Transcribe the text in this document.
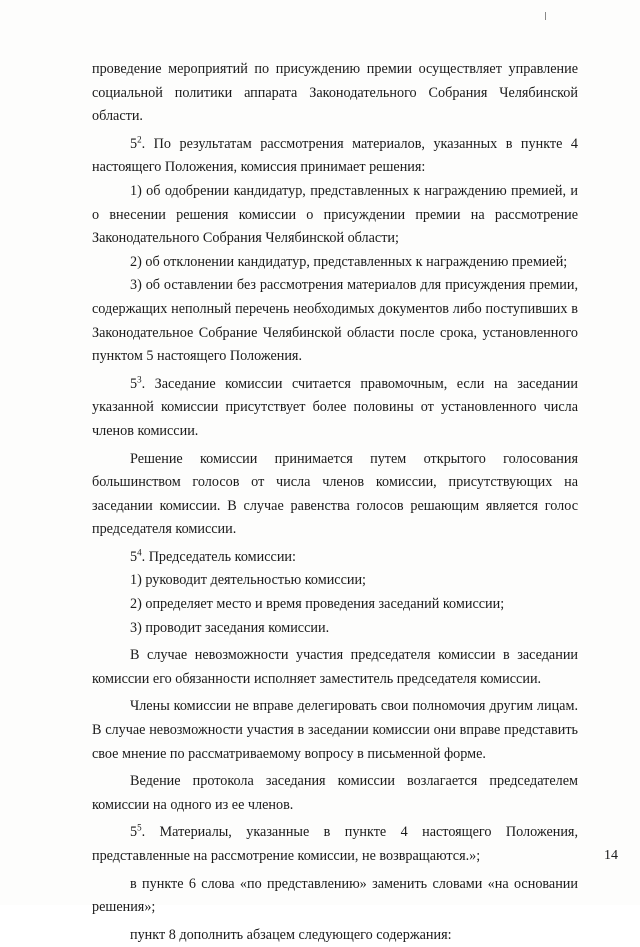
проведение мероприятий по присуждению премии осуществляет управление социальной политики аппарата Законодательного Собрания Челябинской области.

$5^2$. По результатам рассмотрения материалов, указанных в пункте 4 настоящего Положения, комиссия принимает решения:

1) об одобрении кандидатур, представленных к награждению премией, и о внесении решения комиссии о присуждении премии на рассмотрение Законодательного Собрания Челябинской области;

2) об отклонении кандидатур, представленных к награждению премией;

3) об оставлении без рассмотрения материалов для присуждения премии, содержащих неполный перечень необходимых документов либо поступивших в Законодательное Собрание Челябинской области после срока, установленного пунктом 5 настоящего Положения.

$5^3$. Заседание комиссии считается правомочным, если на заседании указанной комиссии присутствует более половины от установленного числа членов комиссии.

Решение комиссии принимается путем открытого голосования большинством голосов от числа членов комиссии, присутствующих на заседании комиссии. В случае равенства голосов решающим является голос председателя комиссии.

$5^4$. Председатель комиссии:

1) руководит деятельностью комиссии;

2) определяет место и время проведения заседаний комиссии;

3) проводит заседания комиссии.

В случае невозможности участия председателя комиссии в заседании комиссии его обязанности исполняет заместитель председателя комиссии.

Члены комиссии не вправе делегировать свои полномочия другим лицам. В случае невозможности участия в заседании комиссии они вправе представить свое мнение по рассматриваемому вопросу в письменной форме.

Ведение протокола заседания комиссии возлагается председателем комиссии на одного из ее членов.

$5^5$. Материалы, указанные в пункте 4 настоящего Положения, представленные на рассмотрение комиссии, не возвращаются.»;

в пункте 6 слова «по представлению» заменить словами «на основании решения»;

пункт 8 дополнить абзацем следующего содержания:

14
